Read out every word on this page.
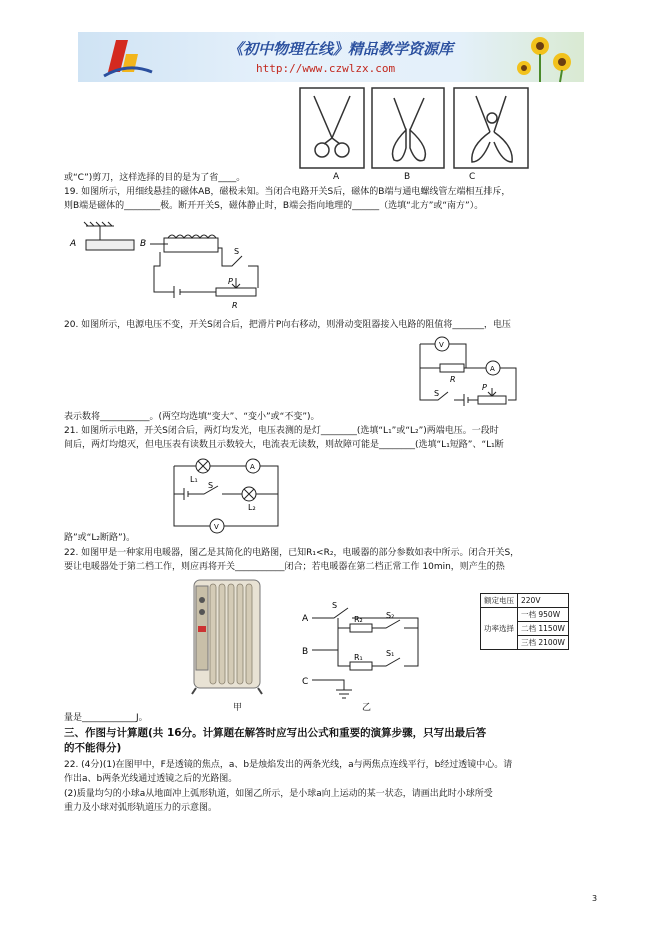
《初中物理在线》精品教学资源库
http://www.czwlzx.com
A	B	C
或“C”)剪刀，这样选择的目的是为了省____。
19. 如图所示，用细线悬挂的磁体AB，磁极未知。当闭合电路开关S后，磁体的B端与通电螺线管左端相互排斥，
则B端是磁体的________极。断开开关S，磁体静止时，B端会指向地理的______（选填“北方”或“南方”）。
A	B
S
P
R
20. 如图所示，电源电压不变，开关S闭合后，把滑片P向右移动，则滑动变阻器接入电路的阻值将_______，电压
V
A
R
S
P
表示数将___________。(两空均选填“变大”、“变小”或“不变”)。
21. 如图所示电路，开关S闭合后，两灯均发光，电压表测的是灯________(选填“L₁”或“L₂”)两端电压。一段时
间后，两灯均熄灭，但电压表有读数且示数较大，电流表无读数，则故障可能是________(选填“L₁短路”、“L₁断
L₁
S
A
L₂
V
路”或“L₂断路”)。
22. 如图甲是一种家用电暖器，图乙是其简化的电路图，已知R₁<R₂，电暖器的部分参数如表中所示。闭合开关S，
要让电暖器处于第二档工作，则应再将开关___________闭合；若电暖器在第二档正常工作 10min，则产生的热
甲
A
S
R₂	S₂
B
R₁	S₁
C
乙
额定电压	220V
功率选择	一档 950W
	二档 1150W
	三档 2100W
量是____________J。
三、作图与计算题(共 16分。计算题在解答时应写出公式和重要的演算步骤，只写出最后答
的不能得分)
22. (4分)(1)在图甲中，F是透镜的焦点，a、b是烛焰发出的两条光线，a与两焦点连线平行，b经过透镜中心。请
作出a、b两条光线通过透镜之后的光路图。
(2)质量均匀的小球a从地面冲上弧形轨道，如图乙所示，是小球a向上运动的某一状态，请画出此时小球所受
重力及小球对弧形轨道压力的示意图。
3
